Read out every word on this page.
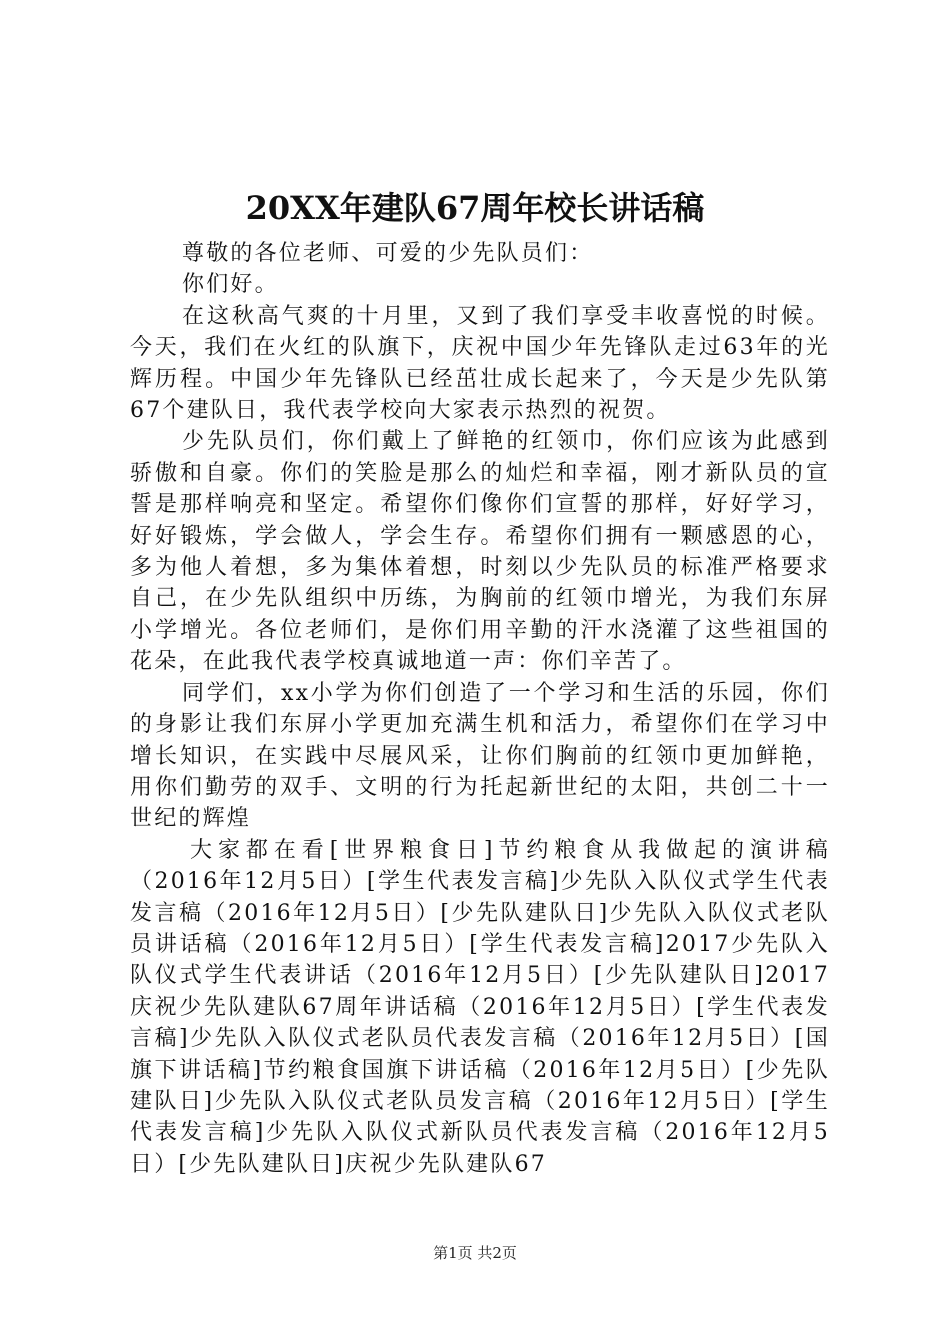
20XX年建队67周年校长讲话稿

尊敬的各位老师、可爱的少先队员们：

你们好。

在这秋高气爽的十月里，又到了我们享受丰收喜悦的时候。今天，我们在火红的队旗下，庆祝中国少年先锋队走过63年的光辉历程。中国少年先锋队已经茁壮成长起来了，今天是少先队第67个建队日，我代表学校向大家表示热烈的祝贺。

少先队员们，你们戴上了鲜艳的红领巾，你们应该为此感到骄傲和自豪。你们的笑脸是那么的灿烂和幸福，刚才新队员的宣誓是那样响亮和坚定。希望你们像你们宣誓的那样，好好学习，好好锻炼，学会做人，学会生存。希望你们拥有一颗感恩的心，多为他人着想，多为集体着想，时刻以少先队员的标准严格要求自己，在少先队组织中历练，为胸前的红领巾增光，为我们东屏小学增光。各位老师们，是你们用辛勤的汗水浇灌了这些祖国的花朵，在此我代表学校真诚地道一声：你们辛苦了。

同学们，xx小学为你们创造了一个学习和生活的乐园，你们的身影让我们东屏小学更加充满生机和活力，希望你们在学习中增长知识，在实践中尽展风采，让你们胸前的红领巾更加鲜艳，用你们勤劳的双手、文明的行为托起新世纪的太阳，共创二十一世纪的辉煌

大家都在看[世界粮食日]节约粮食从我做起的演讲稿（2016年12月5日）[学生代表发言稿]少先队入队仪式学生代表发言稿（2016年12月5日）[少先队建队日]少先队入队仪式老队员讲话稿（2016年12月5日）[学生代表发言稿]2017少先队入队仪式学生代表讲话（2016年12月5日）[少先队建队日]2017庆祝少先队建队67周年讲话稿（2016年12月5日）[学生代表发言稿]少先队入队仪式老队员代表发言稿（2016年12月5日）[国旗下讲话稿]节约粮食国旗下讲话稿（2016年12月5日）[少先队建队日]少先队入队仪式老队员发言稿（2016年12月5日）[学生代表发言稿]少先队入队仪式新队员代表发言稿（2016年12月5日）[少先队建队日]庆祝少先队建队67

第1页 共2页
